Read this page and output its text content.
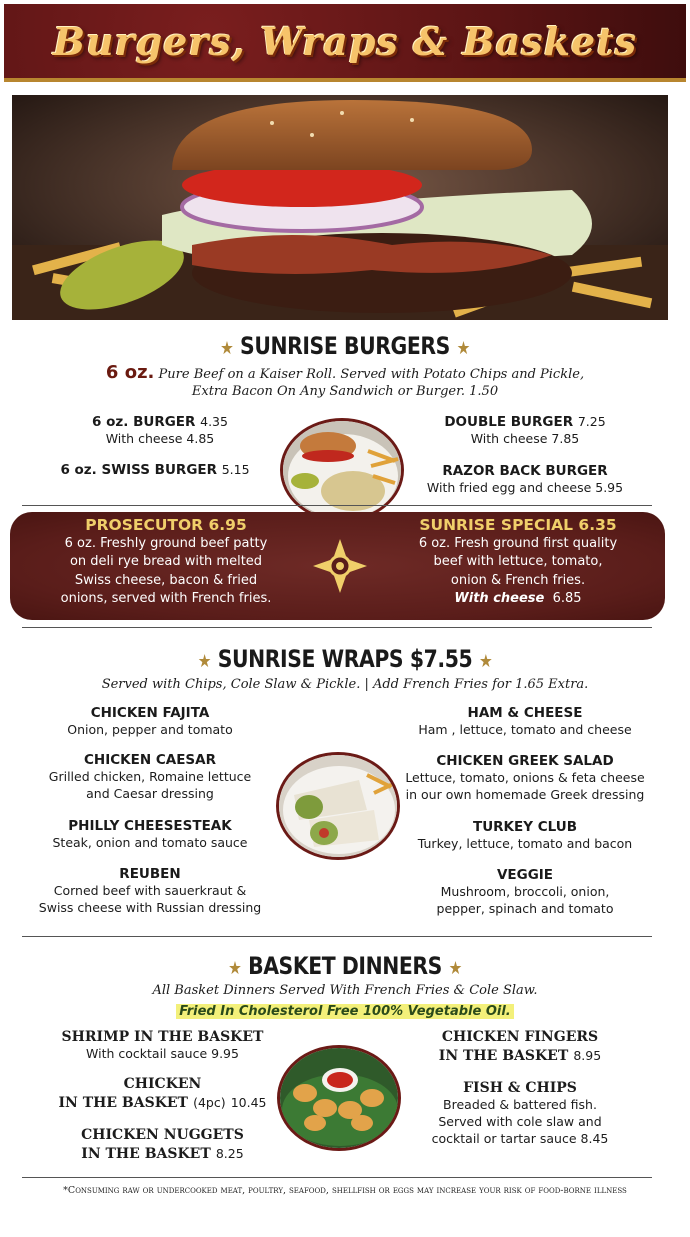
Burgers, Wraps & Baskets
★ SUNRISE BURGERS ★
6 oz. Pure Beef on a Kaiser Roll. Served with Potato Chips and Pickle,
Extra Bacon On Any Sandwich or Burger. 1.50
6 oz. BURGER 4.35
With cheese 4.85
6 oz. SWISS BURGER 5.15
DOUBLE BURGER 7.25
With cheese 7.85
RAZOR BACK BURGER
With fried egg and cheese 5.95
PROSECUTOR 6.95
6 oz. Freshly ground beef patty
on deli rye bread with melted
Swiss cheese, bacon & fried
onions, served with French fries.
SUNRISE SPECIAL 6.35
6 oz. Fresh ground first quality
beef with lettuce, tomato,
onion & French fries.
With cheese 6.85
★ SUNRISE WRAPS $7.55 ★
Served with Chips, Cole Slaw & Pickle. | Add French Fries for 1.65 Extra.
CHICKEN FAJITA
Onion, pepper and tomato
CHICKEN CAESAR
Grilled chicken, Romaine lettuce
and Caesar dressing
PHILLY CHEESESTEAK
Steak, onion and tomato sauce
REUBEN
Corned beef with sauerkraut &
Swiss cheese with Russian dressing
HAM & CHEESE
Ham , lettuce, tomato and cheese
CHICKEN GREEK SALAD
Lettuce, tomato, onions & feta cheese
in our own homemade Greek dressing
TURKEY CLUB
Turkey, lettuce, tomato and bacon
VEGGIE
Mushroom, broccoli, onion,
pepper, spinach and tomato
★ BASKET DINNERS ★
All Basket Dinners Served With French Fries & Cole Slaw.
Fried In Cholesterol Free 100% Vegetable Oil.
SHRIMP IN THE BASKET
With cocktail sauce 9.95
CHICKEN
IN THE BASKET (4pc) 10.45
CHICKEN NUGGETS
IN THE BASKET 8.25
CHICKEN FINGERS
IN THE BASKET 8.95
FISH & CHIPS
Breaded & battered fish.
Served with cole slaw and
cocktail or tartar sauce 8.45
*Consuming raw or undercooked meat, poultry, seafood, shellfish or eggs may increase your risk of food-borne illness
